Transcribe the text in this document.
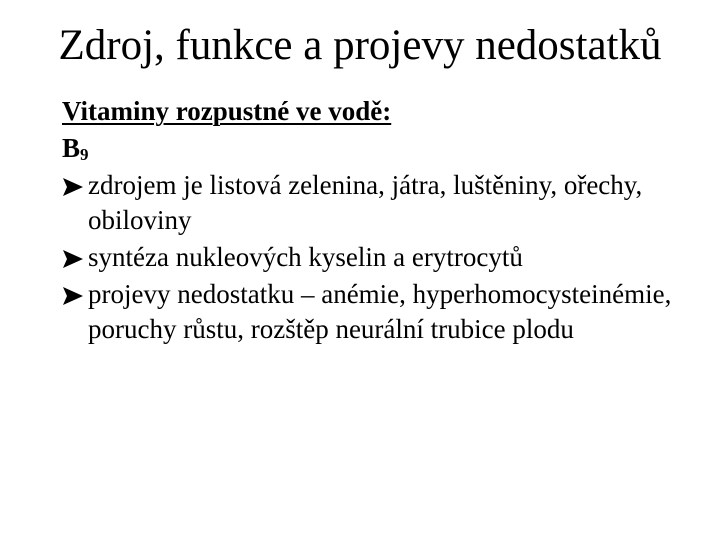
Zdroj, funkce a projevy nedostatků
Vitaminy rozpustné ve vodě:
$B_9$
zdrojem je listová zelenina, játra, luštěniny, ořechy, obiloviny
syntéza nukleových kyselin a erytrocytů
projevy nedostatku – anémie, hyperhomocysteinémie, poruchy růstu, rozštěp neurální trubice plodu
